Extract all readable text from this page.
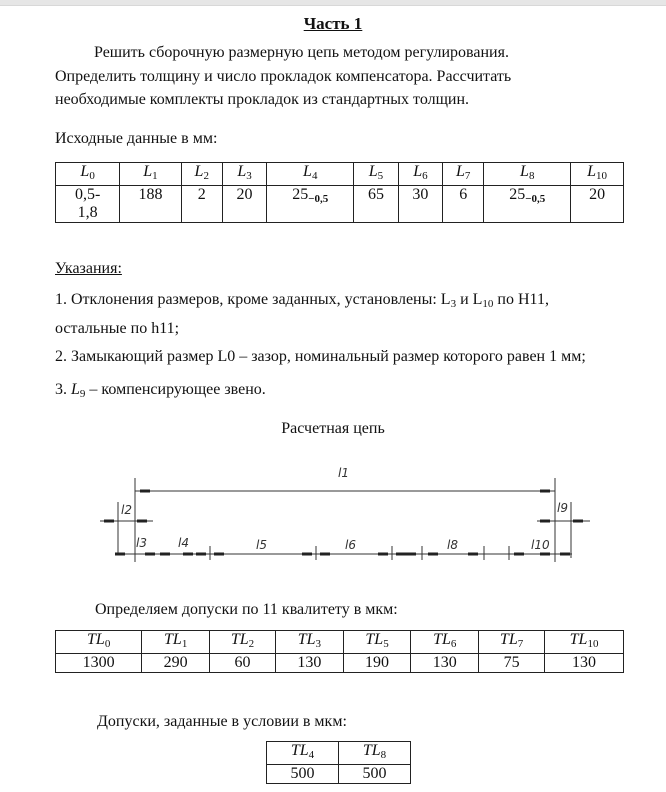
Часть 1
Решить сборочную размерную цепь методом регулирования.
Определить толщину и число прокладок компенсатора. Рассчитать
необходимые комплекты прокладок из стандартных толщин.
Исходные данные в мм:
$L_0$	$L_1$	$L_2$	$L_3$	$L_4$	$L_5$	$L_6$	$L_7$	$L_8$	$L_{10}$
0,5-
1,8	188	2	20	$25_{-0,5}$	65	30	6	$25_{-0,5}$	20
Указания:
1. Отклонения размеров, кроме заданных, установлены: $L_3$ и $L_{10}$ по H11,
остальные по h11;
2. Замыкающий размер L0 – зазор, номинальный размер которого равен 1 мм;
3. $L_9$ – компенсирующее звено.
Расчетная цепь
l1
l2
l3	l4	l5	l6	l8
l9
l10
Определяем допуски по 11 квалитету в мкм:
$TL_0$	$TL_1$	$TL_2$	$TL_3$	$TL_5$	$TL_6$	$TL_7$	$TL_{10}$
1300	290	60	130	190	130	75	130
Допуски, заданные в условии в мкм:
$TL_4$	$TL_8$
500	500
